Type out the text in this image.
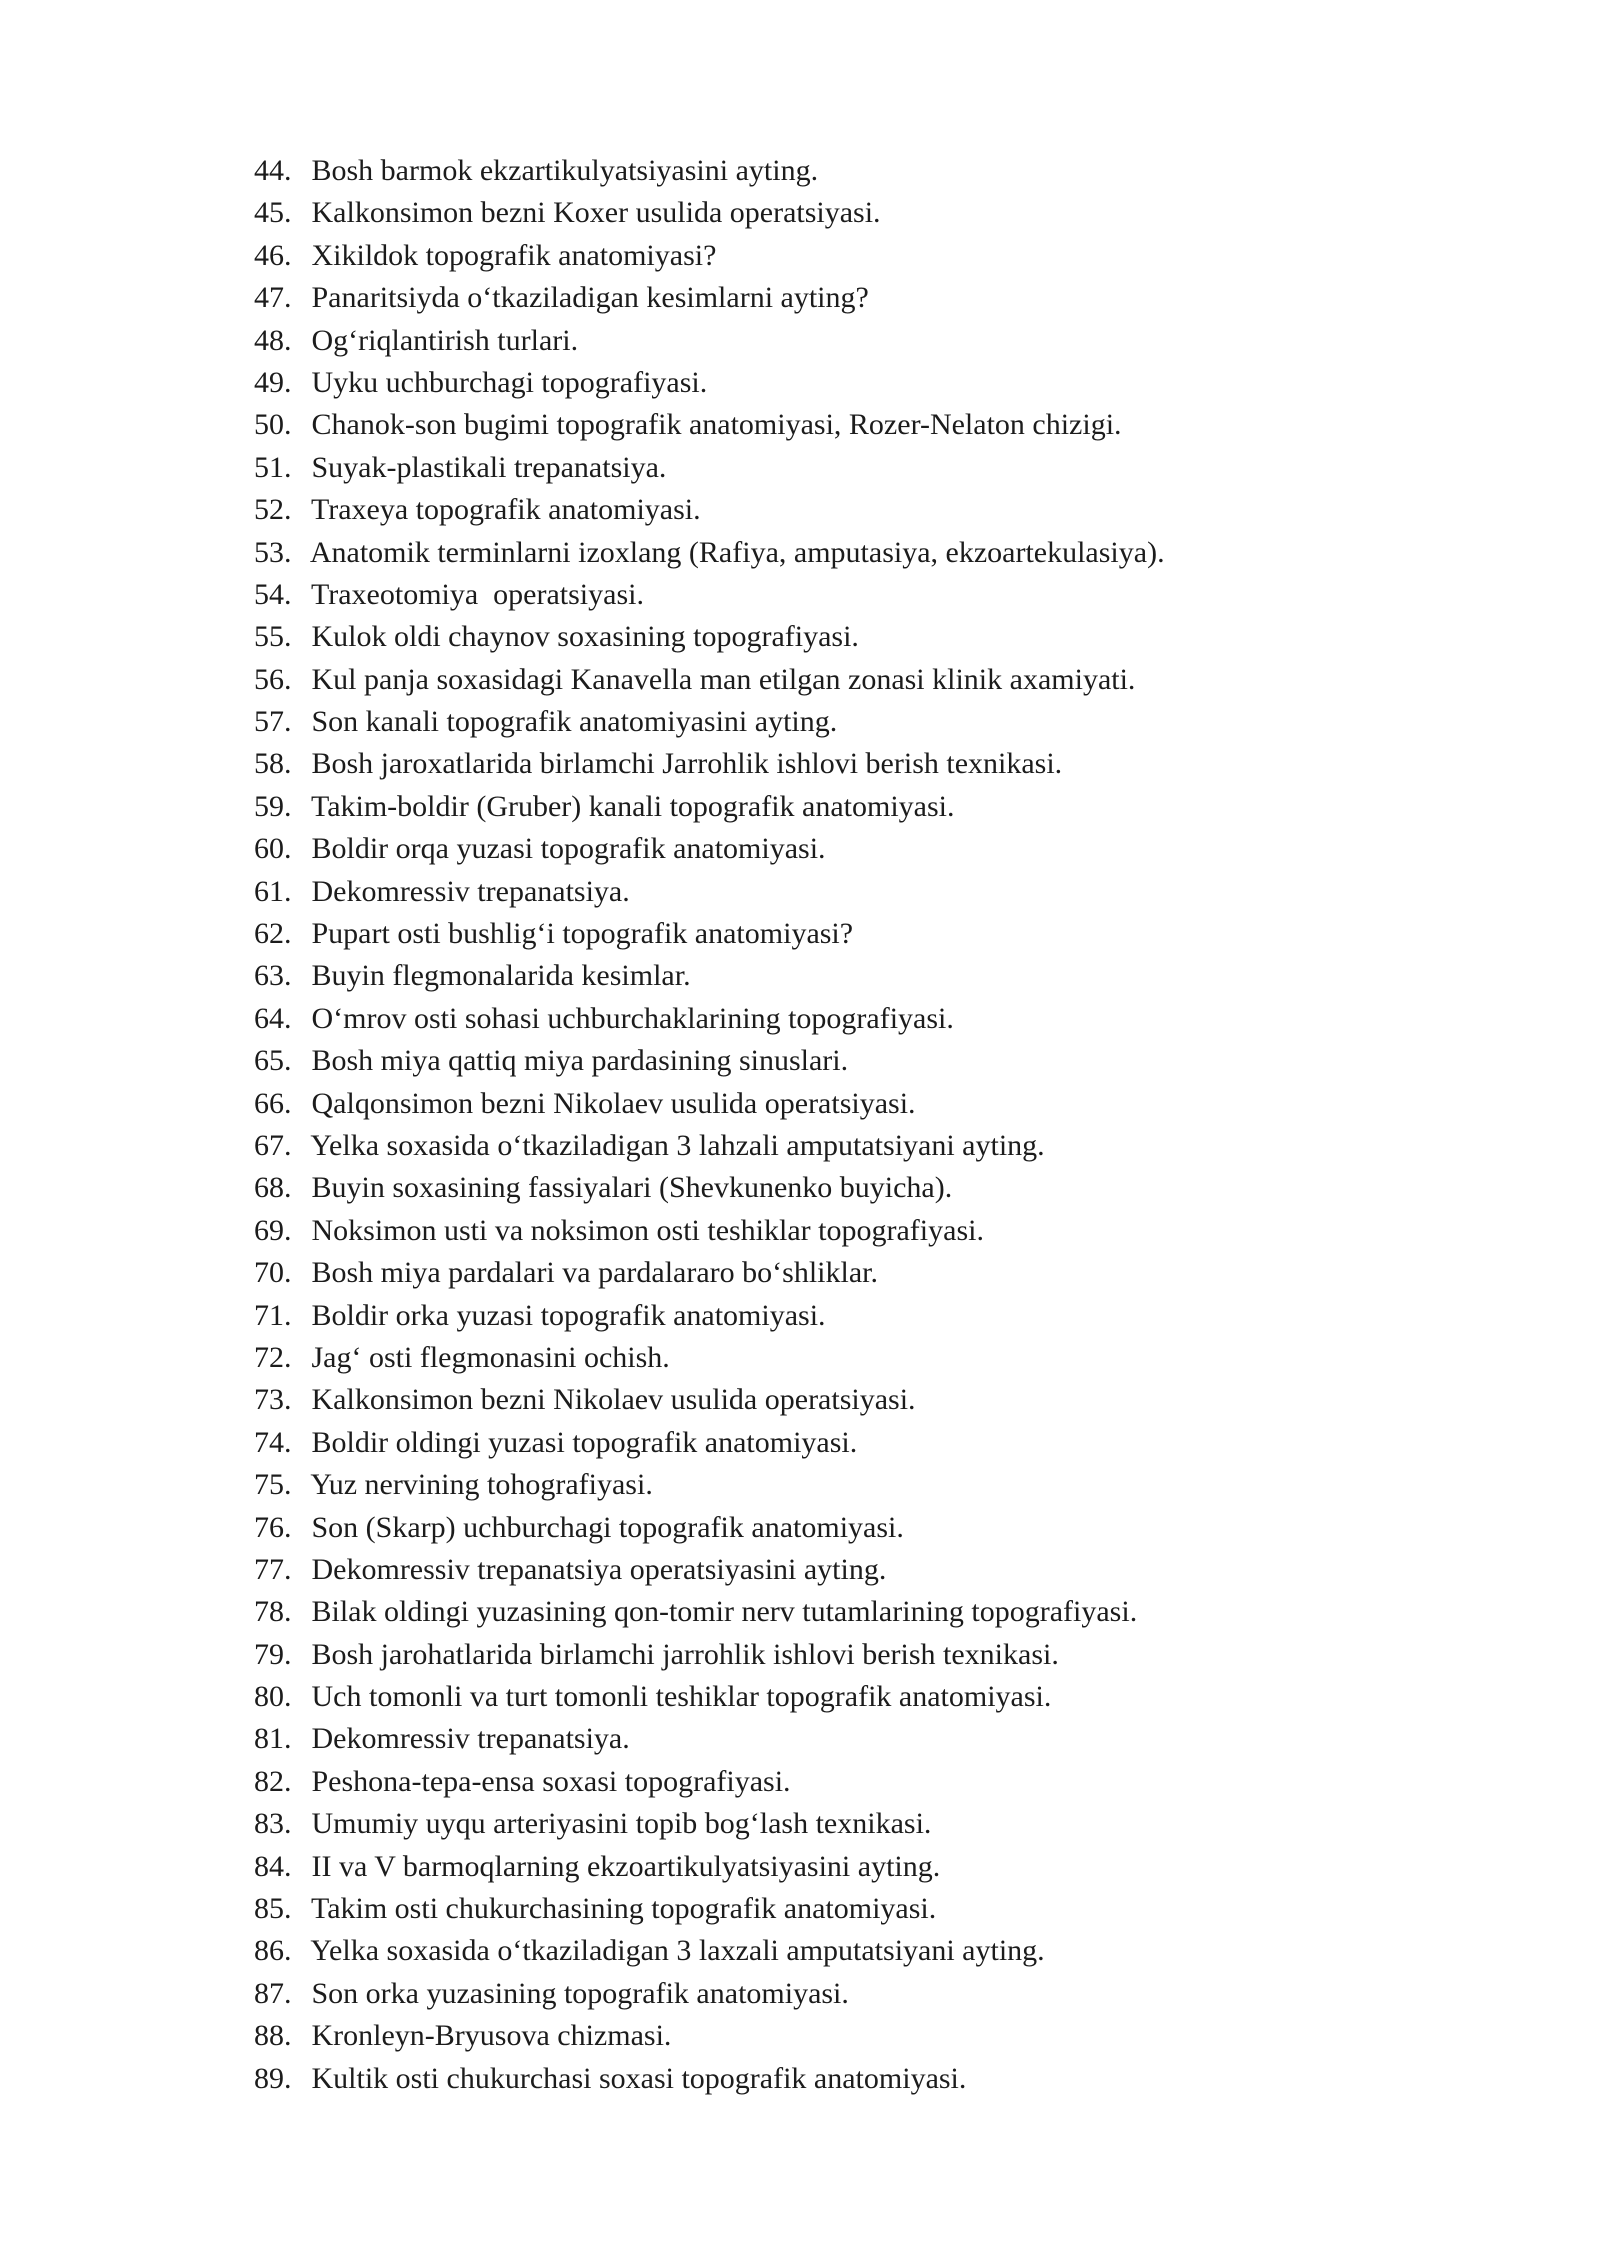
44. Bosh barmok ekzartikulyatsiyasini ayting.
45. Kalkonsimon bezni Koxer usulida operatsiyasi.
46. Xikildok topografik anatomiyasi?
47. Panaritsiyda o‘tkaziladigan kesimlarni ayting?
48. Og‘riqlantirish turlari.
49. Uyku uchburchagi topografiyasi.
50. Chanok-son bugimi topografik anatomiyasi, Rozer-Nelaton chizigi.
51. Suyak-plastikali trepanatsiya.
52. Traxeya topografik anatomiyasi.
53. Anatomik terminlarni izoxlang (Rafiya, amputasiya, ekzoartekulasiya).
54. Traxeotomiya  operatsiyasi.
55. Kulok oldi chaynov soxasining topografiyasi.
56. Kul panja soxasidagi Kanavella man etilgan zonasi klinik axamiyati.
57. Son kanali topografik anatomiyasini ayting.
58. Bosh jaroxatlarida birlamchi Jarrohlik ishlovi berish texnikasi.
59. Takim-boldir (Gruber) kanali topografik anatomiyasi.
60. Boldir orqa yuzasi topografik anatomiyasi.
61. Dekomressiv trepanatsiya.
62. Pupart osti bushlig‘i topografik anatomiyasi?
63. Buyin flegmonalarida kesimlar.
64. O‘mrov osti sohasi uchburchaklarining topografiyasi.
65. Bosh miya qattiq miya pardasining sinuslari.
66. Qalqonsimon bezni Nikolaev usulida operatsiyasi.
67. Yelka soxasida o‘tkaziladigan 3 lahzali amputatsiyani ayting.
68. Buyin soxasining fassiyalari (Shevkunenko buyicha).
69. Noksimon usti va noksimon osti teshiklar topografiyasi.
70. Bosh miya pardalari va pardalararo bo‘shliklar.
71. Boldir orka yuzasi topografik anatomiyasi.
72. Jag‘ osti flegmonasini ochish.
73. Kalkonsimon bezni Nikolaev usulida operatsiyasi.
74. Boldir oldingi yuzasi topografik anatomiyasi.
75. Yuz nervining tohografiyasi.
76. Son (Skarp) uchburchagi topografik anatomiyasi.
77. Dekomressiv trepanatsiya operatsiyasini ayting.
78. Bilak oldingi yuzasining qon-tomir nerv tutamlarining topografiyasi.
79. Bosh jarohatlarida birlamchi jarrohlik ishlovi berish texnikasi.
80. Uch tomonli va turt tomonli teshiklar topografik anatomiyasi.
81. Dekomressiv trepanatsiya.
82. Peshona-tepa-ensa soxasi topografiyasi.
83. Umumiy uyqu arteriyasini topib bog‘lash texnikasi.
84. II va V barmoqlarning ekzoartikulyatsiyasini ayting.
85. Takim osti chukurchasining topografik anatomiyasi.
86. Yelka soxasida o‘tkaziladigan 3 laxzali amputatsiyani ayting.
87. Son orka yuzasining topografik anatomiyasi.
88. Kronleyn-Bryusova chizmasi.
89. Kultik osti chukurchasi soxasi topografik anatomiyasi.
